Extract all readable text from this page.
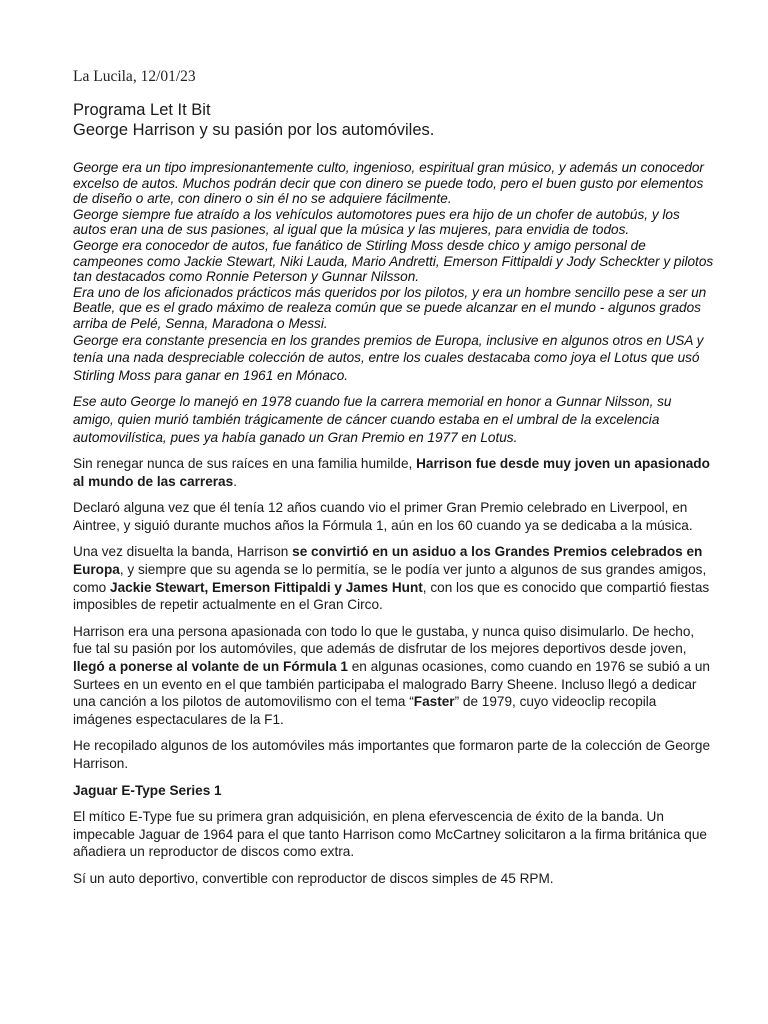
La Lucila, 12/01/23
Programa Let It Bit
George Harrison y su pasión por los automóviles.

George era un tipo impresionantemente culto, ingenioso, espiritual gran músico, y además un conocedor excelso de autos. Muchos podrán decir que con dinero se puede todo, pero el buen gusto por elementos de diseño o arte, con dinero o sin él no se adquiere fácilmente.

George siempre fue atraído a los vehículos automotores pues era hijo de un chofer de autobús, y los autos eran una de sus pasiones, al igual que la música y las mujeres, para envidia de todos.

George era conocedor de autos, fue fanático de Stirling Moss desde chico y amigo personal de campeones como Jackie Stewart, Niki Lauda, Mario Andretti, Emerson Fittipaldi y Jody Scheckter y pilotos tan destacados como Ronnie Peterson y Gunnar Nilsson.

Era uno de los aficionados prácticos más queridos por los pilotos, y era un hombre sencillo pese a ser un Beatle, que es el grado máximo de realeza común que se puede alcanzar en el mundo - algunos grados arriba de Pelé, Senna, Maradona o Messi.

George era constante presencia en los grandes premios de Europa, inclusive en algunos otros en USA y tenía una nada despreciable colección de autos, entre los cuales destacaba como joya el Lotus que usó Stirling Moss para ganar en 1961 en Mónaco.

Ese auto George lo manejó en 1978 cuando fue la carrera memorial en honor a Gunnar Nilsson, su amigo, quien murió también trágicamente de cáncer cuando estaba en el umbral de la excelencia automovilística, pues ya había ganado un Gran Premio en 1977 en Lotus.

Sin renegar nunca de sus raíces en una familia humilde, Harrison fue desde muy joven un apasionado al mundo de las carreras.

Declaró alguna vez que él tenía 12 años cuando vio el primer Gran Premio celebrado en Liverpool, en Aintree, y siguió durante muchos años la Fórmula 1, aún en los 60 cuando ya se dedicaba a la música.

Una vez disuelta la banda, Harrison se convirtió en un asiduo a los Grandes Premios celebrados en Europa, y siempre que su agenda se lo permitía, se le podía ver junto a algunos de sus grandes amigos, como Jackie Stewart, Emerson Fittipaldi y James Hunt, con los que es conocido que compartió fiestas imposibles de repetir actualmente en el Gran Circo.

Harrison era una persona apasionada con todo lo que le gustaba, y nunca quiso disimularlo. De hecho, fue tal su pasión por los automóviles, que además de disfrutar de los mejores deportivos desde joven, llegó a ponerse al volante de un Fórmula 1 en algunas ocasiones, como cuando en 1976 se subió a un Surtees en un evento en el que también participaba el malogrado Barry Sheene. Incluso llegó a dedicar una canción a los pilotos de automovilismo con el tema “Faster” de 1979, cuyo videoclip recopila imágenes espectaculares de la F1.

He recopilado algunos de los automóviles más importantes que formaron parte de la colección de George Harrison.

Jaguar E-Type Series 1

El mítico E-Type fue su primera gran adquisición, en plena efervescencia de éxito de la banda. Un impecable Jaguar de 1964 para el que tanto Harrison como McCartney solicitaron a la firma británica que añadiera un reproductor de discos como extra.

Sí un auto deportivo, convertible con reproductor de discos simples de 45 RPM.
